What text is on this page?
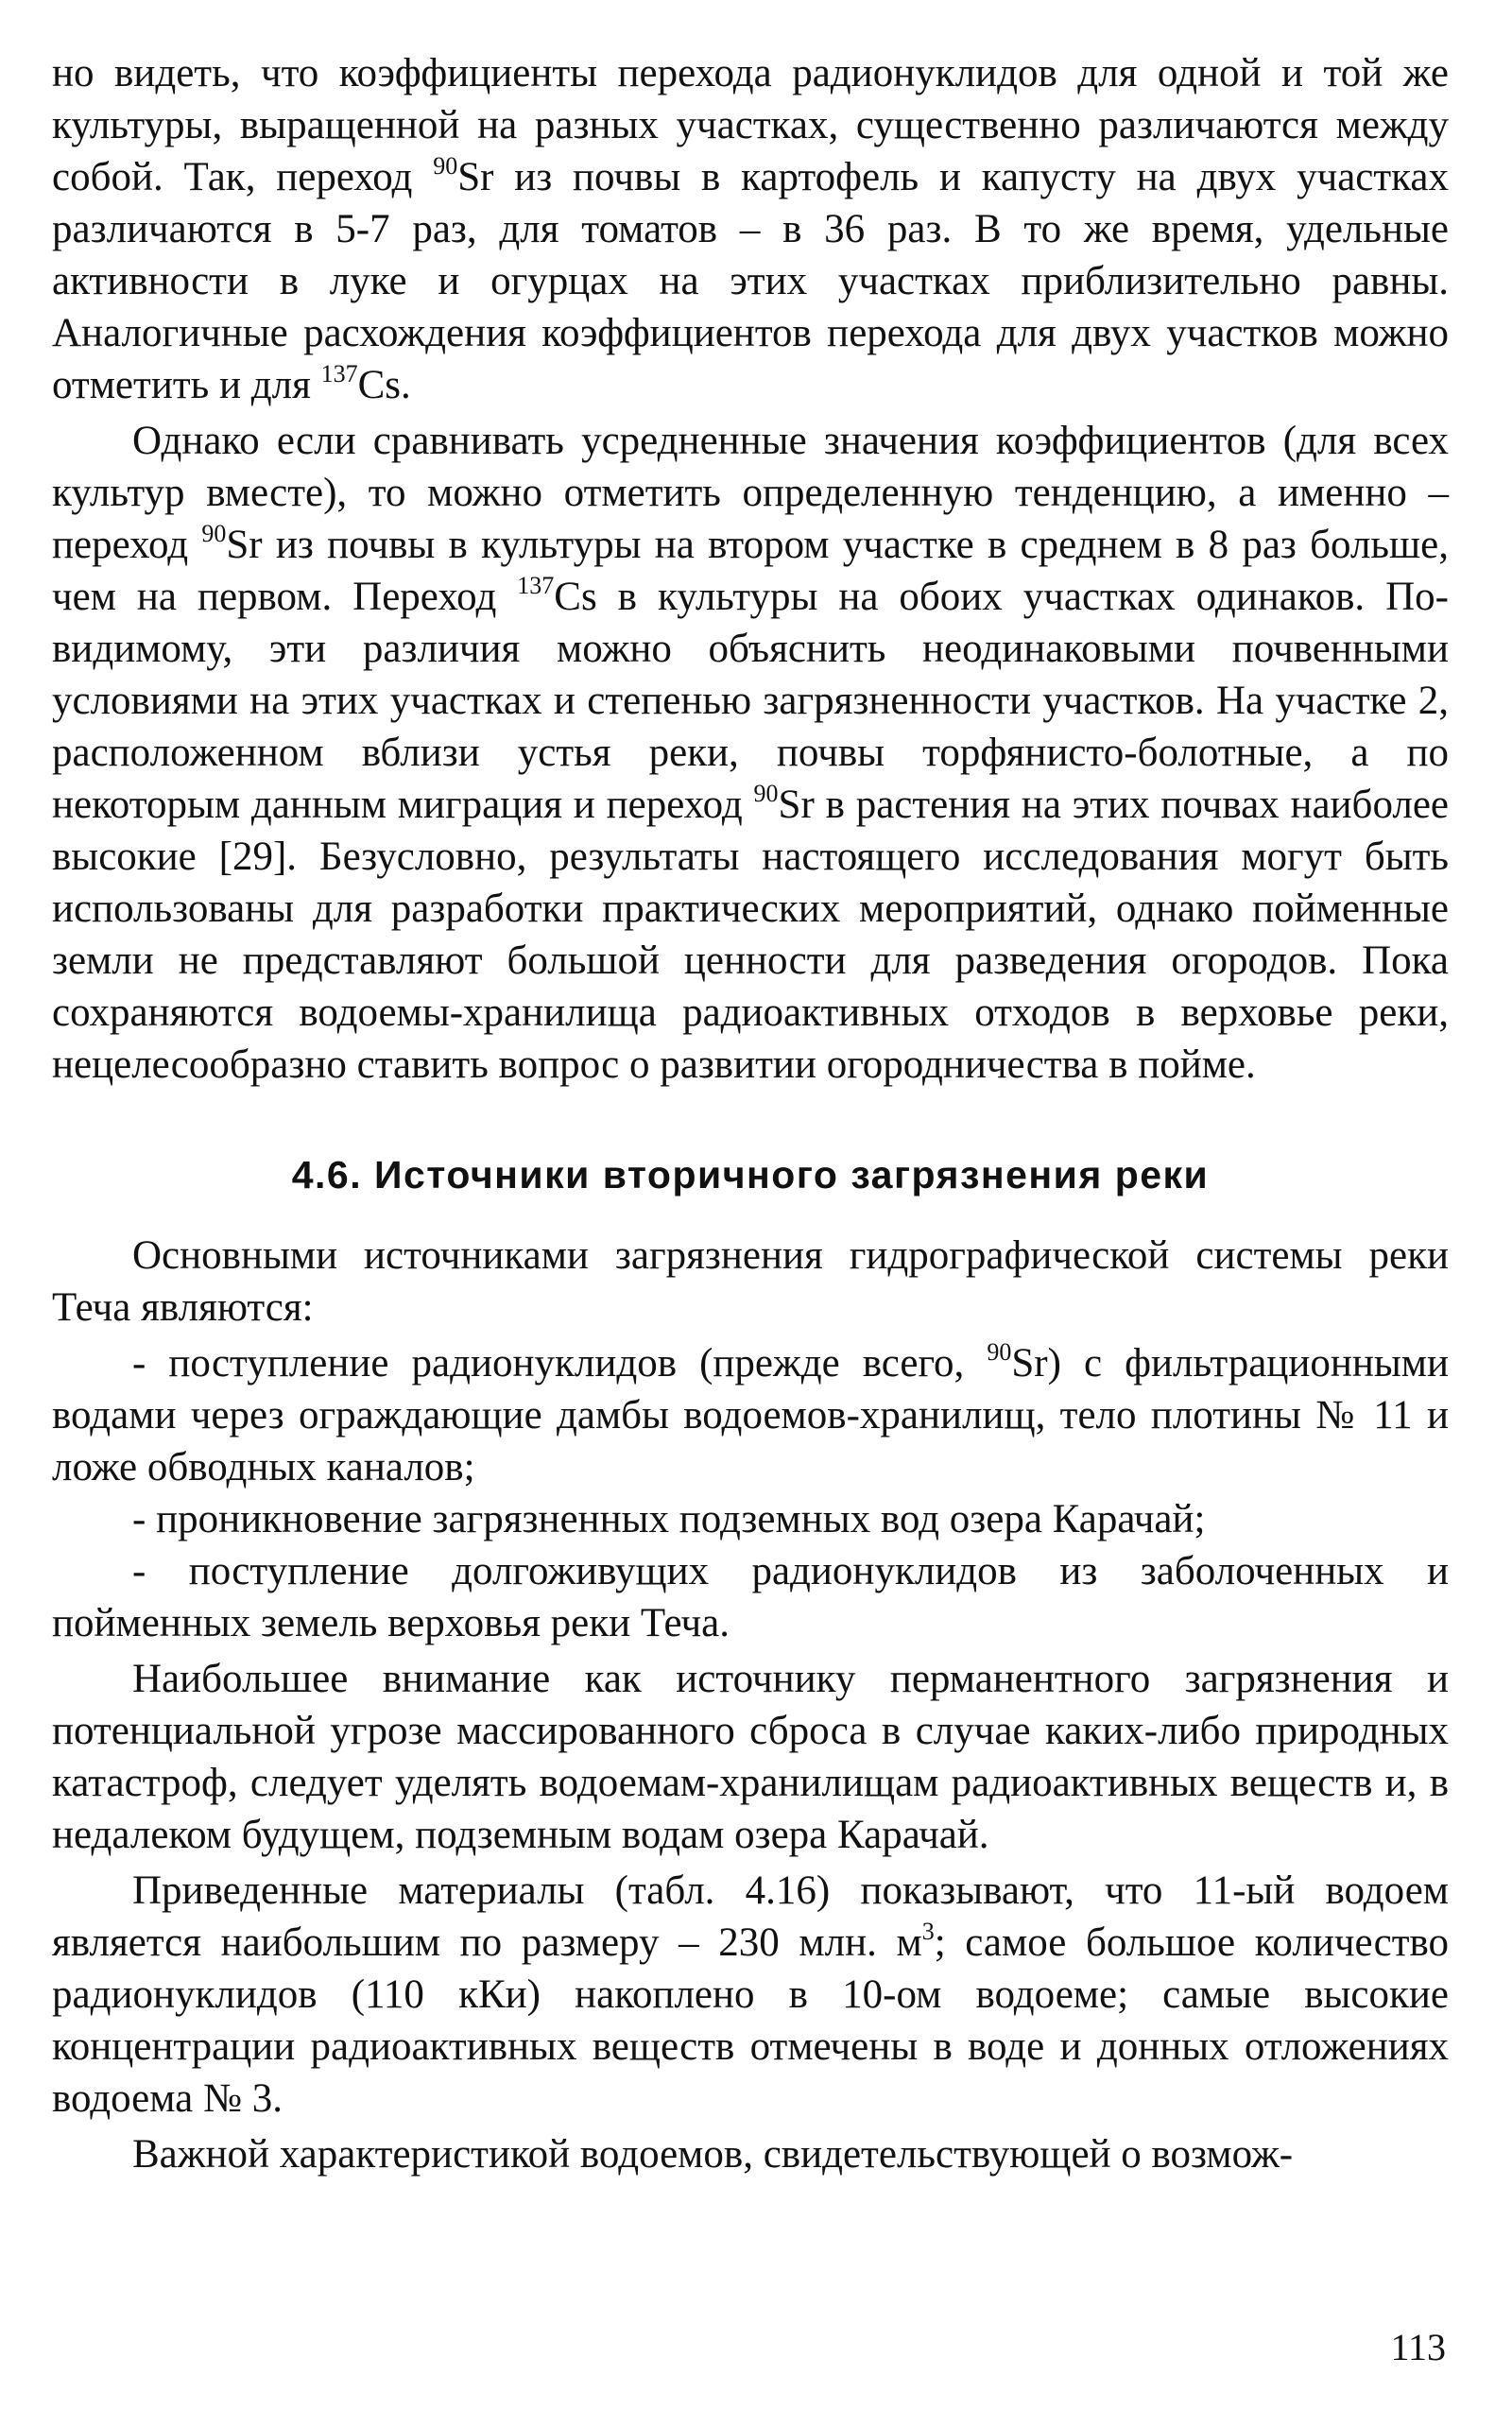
но видеть, что коэффициенты перехода радионуклидов для одной и той же культуры, выращенной на разных участках, существенно различаются между собой. Так, переход $^{90}$Sr из почвы в картофель и капусту на двух участках различаются в 5-7 раз, для томатов – в 36 раз. В то же время, удельные активности в луке и огурцах на этих участках приблизительно равны. Аналогичные расхождения коэффициентов перехода для двух участков можно отметить и для $^{137}$Cs.

Однако если сравнивать усредненные значения коэффициентов (для всех культур вместе), то можно отметить определенную тенденцию, а именно – переход $^{90}$Sr из почвы в культуры на втором участке в среднем в 8 раз больше, чем на первом. Переход $^{137}$Cs в культуры на обоих участках одинаков. По-видимому, эти различия можно объяснить неодинаковыми почвенными условиями на этих участках и степенью загрязненности участков. На участке 2, расположенном вблизи устья реки, почвы торфянисто-болотные, а по некоторым данным миграция и переход $^{90}$Sr в растения на этих почвах наиболее высокие [29]. Безусловно, результаты настоящего исследования могут быть использованы для разработки практических мероприятий, однако пойменные земли не представляют большой ценности для разведения огородов. Пока сохраняются водоемы-хранилища радиоактивных отходов в верховье реки, нецелесообразно ставить вопрос о развитии огородничества в пойме.

4.6. Источники вторичного загрязнения реки

Основными источниками загрязнения гидрографической системы реки Теча являются:

- поступление радионуклидов (прежде всего, $^{90}$Sr) с фильтрационными водами через ограждающие дамбы водоемов-хранилищ, тело плотины № 11 и ложе обводных каналов;

- проникновение загрязненных подземных вод озера Карачай;

- поступление долгоживущих радионуклидов из заболоченных и пойменных земель верховья реки Теча.

Наибольшее внимание как источнику перманентного загрязнения и потенциальной угрозе массированного сброса в случае каких-либо природных катастроф, следует уделять водоемам-хранилищам радиоактивных веществ и, в недалеком будущем, подземным водам озера Карачай.

Приведенные материалы (табл. 4.16) показывают, что 11-ый водоем является наибольшим по размеру – 230 млн. $м^3$; самое большое количество радионуклидов (110 кКи) накоплено в 10-ом водоеме; самые высокие концентрации радиоактивных веществ отмечены в воде и донных отложениях водоема № 3.

Важной характеристикой водоемов, свидетельствующей о возмож-

113
